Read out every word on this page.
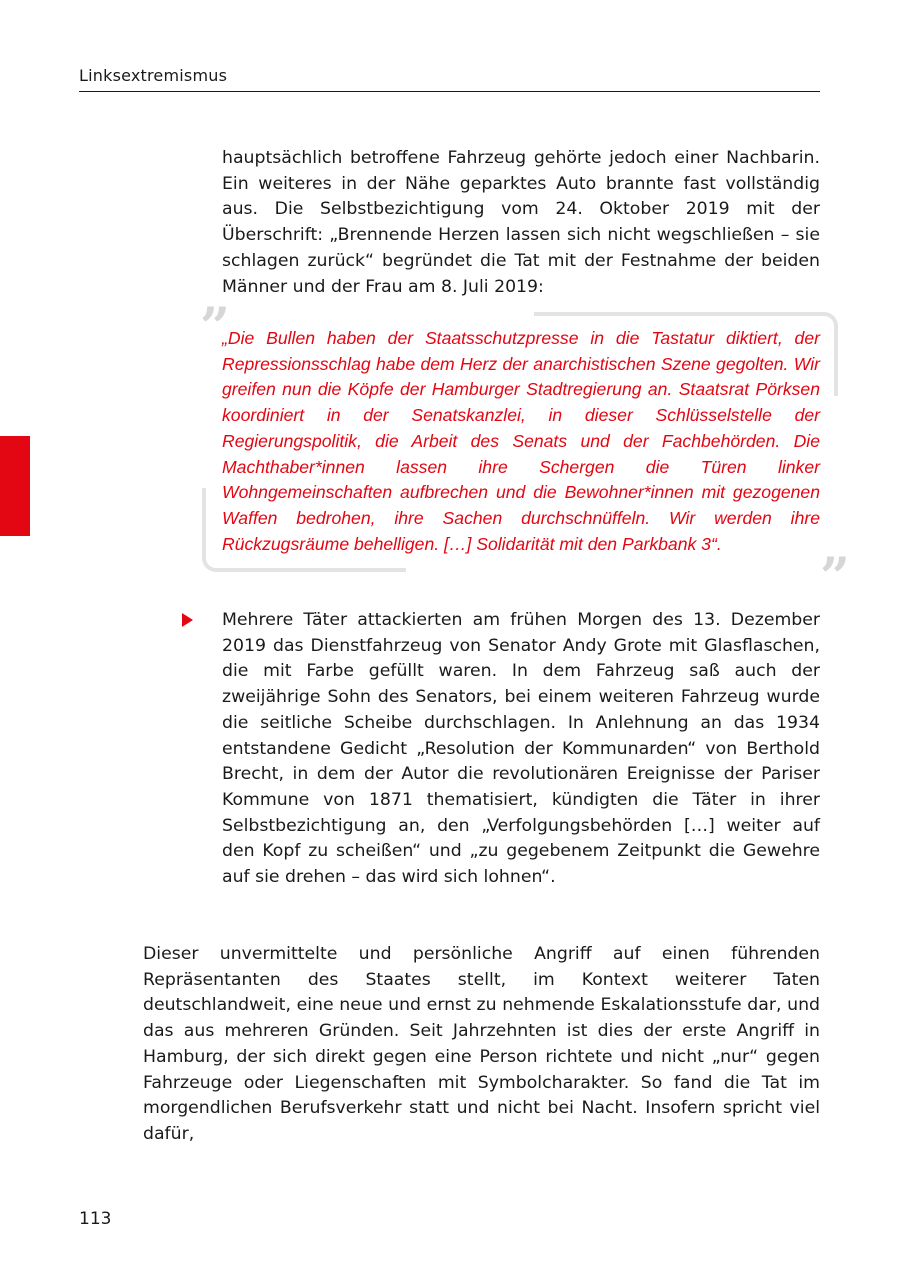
Linksextremismus

hauptsächlich betroffene Fahrzeug gehörte jedoch einer Nachbarin. Ein weiteres in der Nähe geparktes Auto brannte fast vollständig aus. Die Selbstbezichtigung vom 24. Oktober 2019 mit der Überschrift: „Brennende Herzen lassen sich nicht wegschließen – sie schlagen zurück“ begründet die Tat mit der Festnahme der beiden Männer und der Frau am 8. Juli 2019:

”

„Die Bullen haben der Staatsschutzpresse in die Tastatur diktiert, der Repressionsschlag habe dem Herz der anarchistischen Szene gegolten. Wir greifen nun die Köpfe der Hamburger Stadtregierung an. Staatsrat Pörksen koordiniert in der Senatskanzlei, in dieser Schlüsselstelle der Regierungspolitik, die Arbeit des Senats und der Fachbehörden. Die Machthaber*innen lassen ihre Schergen die Türen linker Wohngemeinschaften aufbrechen und die Bewohner*innen mit gezogenen Waffen bedrohen, ihre Sachen durchschnüffeln. Wir werden ihre Rückzugsräume behelligen. […] Solidarität mit den Parkbank 3“.

”

Mehrere Täter attackierten am frühen Morgen des 13. Dezember 2019 das Dienstfahrzeug von Senator Andy Grote mit Glasflaschen, die mit Farbe gefüllt waren. In dem Fahrzeug saß auch der zweijährige Sohn des Senators, bei einem weiteren Fahrzeug wurde die seitliche Scheibe durchschlagen. In Anlehnung an das 1934 entstandene Gedicht „Resolution der Kommunarden“ von Berthold Brecht, in dem der Autor die revolutionären Ereignisse der Pariser Kommune von 1871 thematisiert, kündigten die Täter in ihrer Selbstbezichtigung an, den „Verfolgungsbehörden […] weiter auf den Kopf zu scheißen“ und „zu gegebenem Zeitpunkt die Gewehre auf sie drehen – das wird sich lohnen“.

Dieser unvermittelte und persönliche Angriff auf einen führenden Repräsentanten des Staates stellt, im Kontext weiterer Taten deutschlandweit, eine neue und ernst zu nehmende Eskalationsstufe dar, und das aus mehreren Gründen. Seit Jahrzehnten ist dies der erste Angriff in Hamburg, der sich direkt gegen eine Person richtete und nicht „nur“ gegen Fahrzeuge oder Liegenschaften mit Symbolcharakter. So fand die Tat im morgendlichen Berufsverkehr statt und nicht bei Nacht. Insofern spricht viel dafür,

113
